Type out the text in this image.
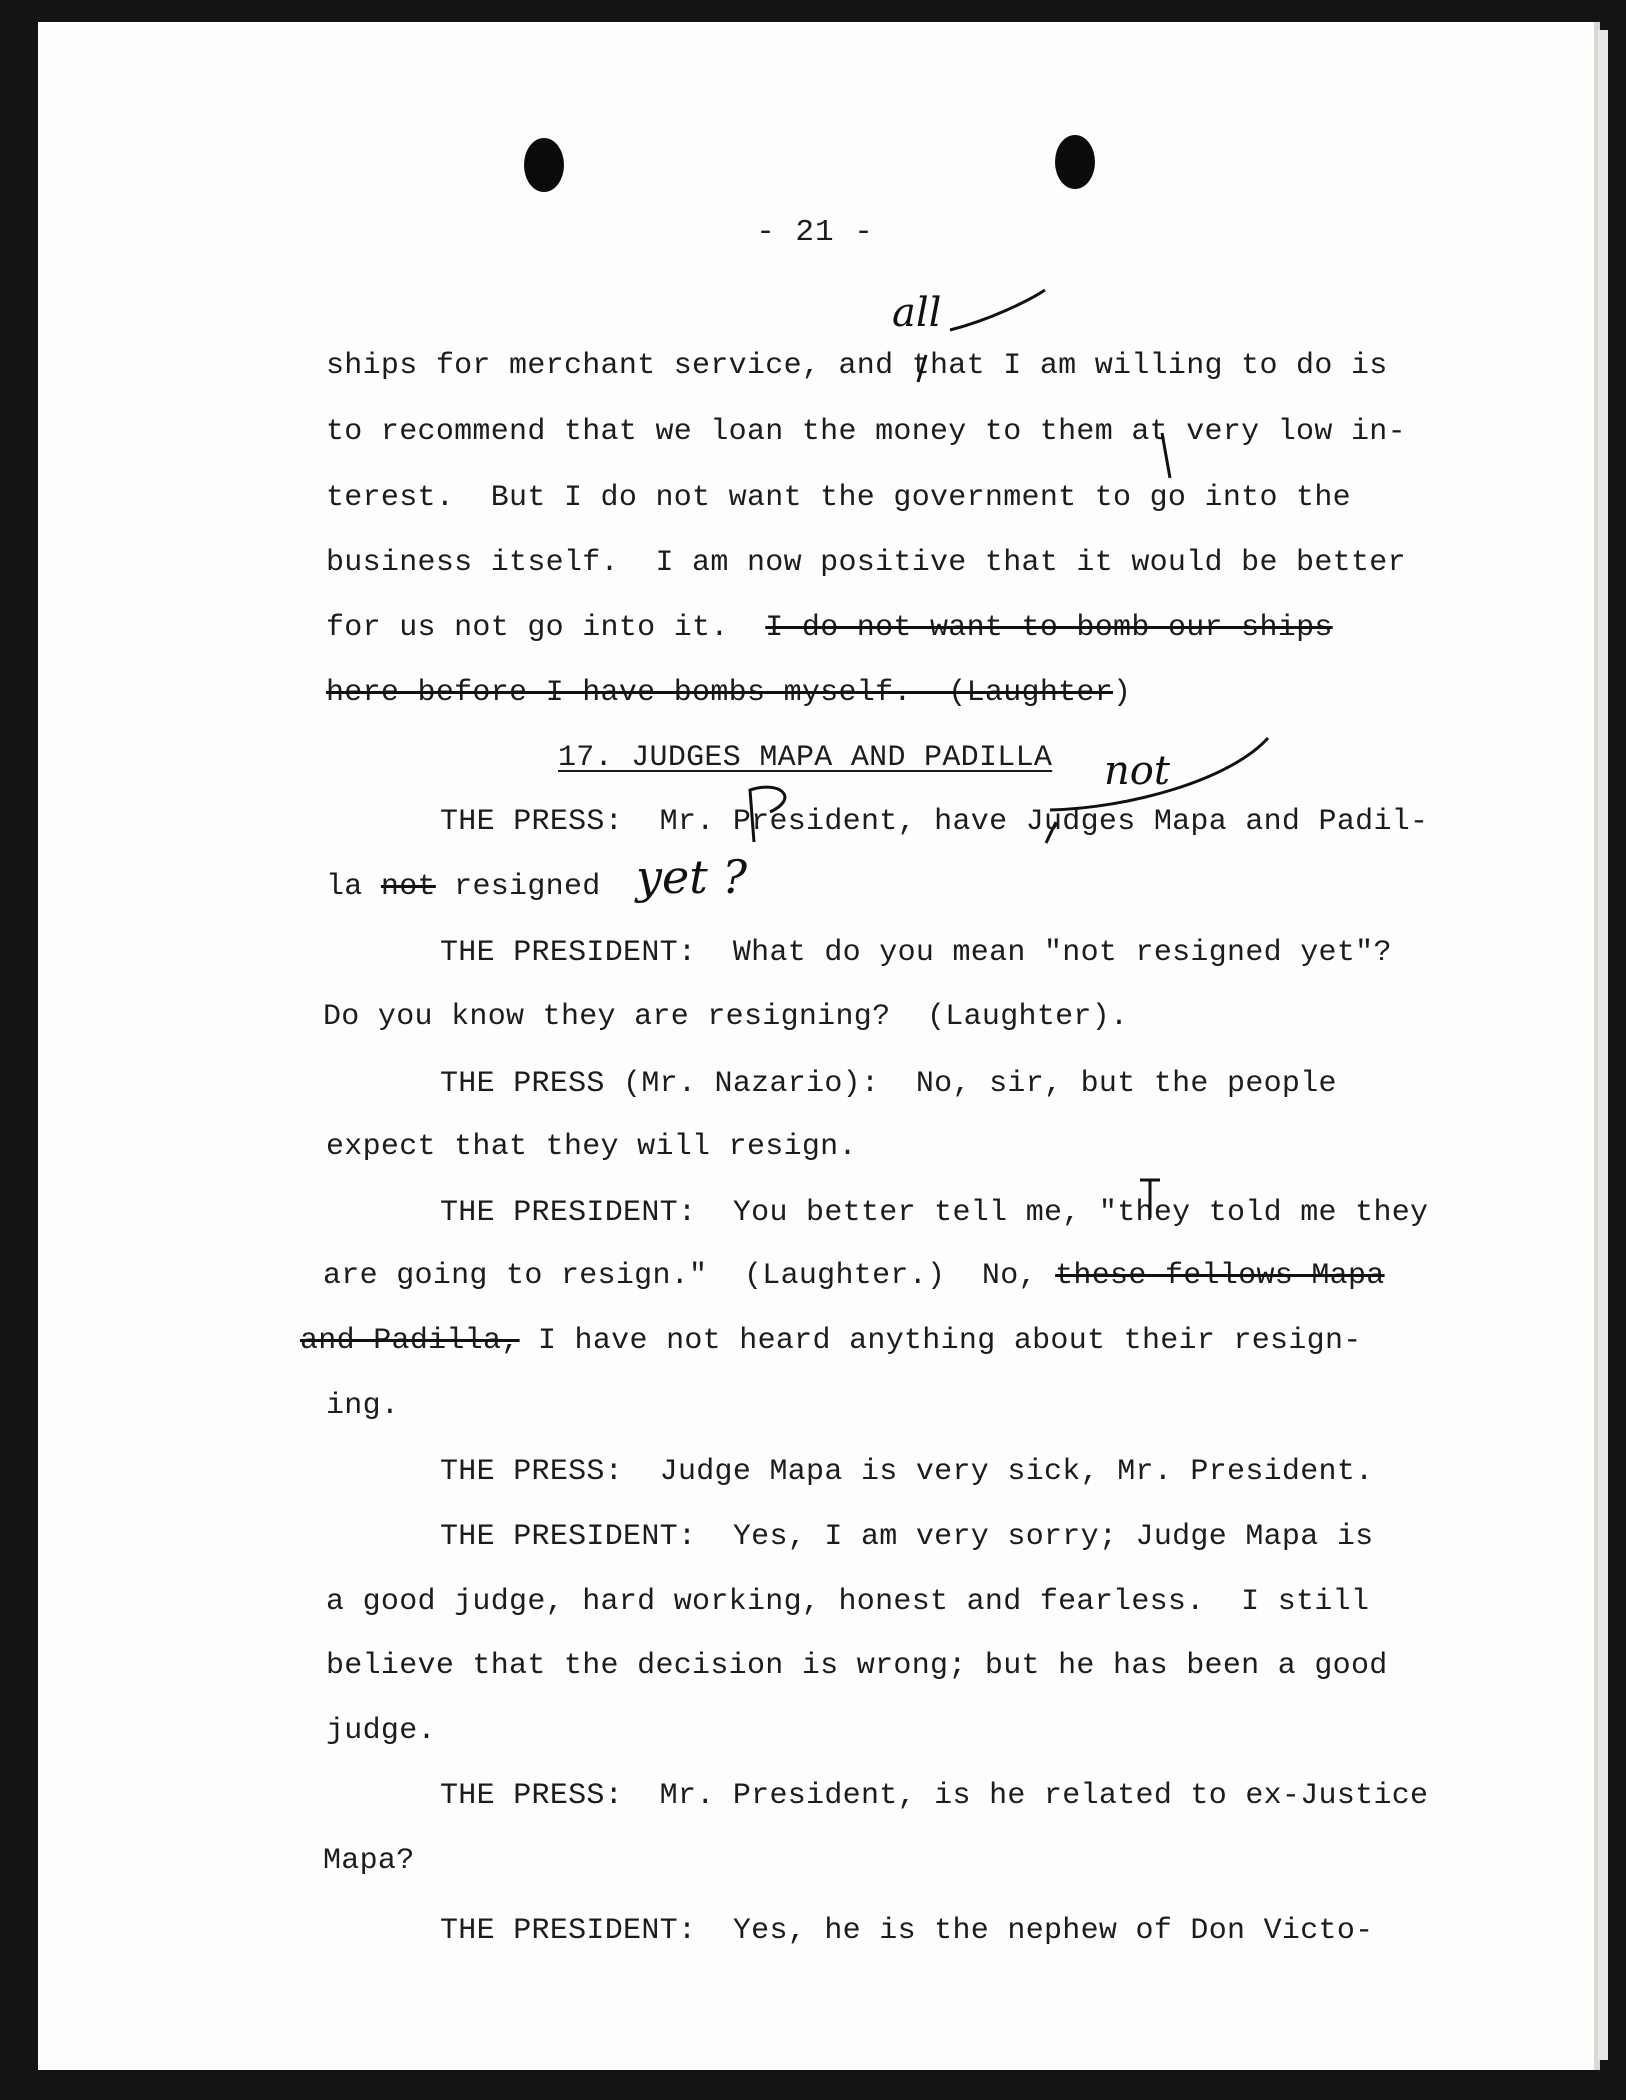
- 21 -
ships for merchant service, and that I am willing to do is
to recommend that we loan the money to them at very low in-
terest.  But I do not want the government to go into the
business itself.  I am now positive that it would be better
for us not go into it.  I do not want to bomb our ships
here before I have bombs myself.  (Laughter)
17. JUDGES MAPA AND PADILLA
THE PRESS:  Mr. President, have Judges Mapa and Padil-
la not resigned
THE PRESIDENT:  What do you mean "not resigned yet"?
Do you know they are resigning?  (Laughter).
THE PRESS (Mr. Nazario):  No, sir, but the people
expect that they will resign.
THE PRESIDENT:  You better tell me, "they told me they
are going to resign."  (Laughter.)  No, these fellows Mapa
and Padilla, I have not heard anything about their resign-
ing.
THE PRESS:  Judge Mapa is very sick, Mr. President.
THE PRESIDENT:  Yes, I am very sorry; Judge Mapa is
a good judge, hard working, honest and fearless.  I still
believe that the decision is wrong; but he has been a good
judge.
THE PRESS:  Mr. President, is he related to ex-Justice
Mapa?
THE PRESIDENT:  Yes, he is the nephew of Don Victo-
all
not
yet ?
